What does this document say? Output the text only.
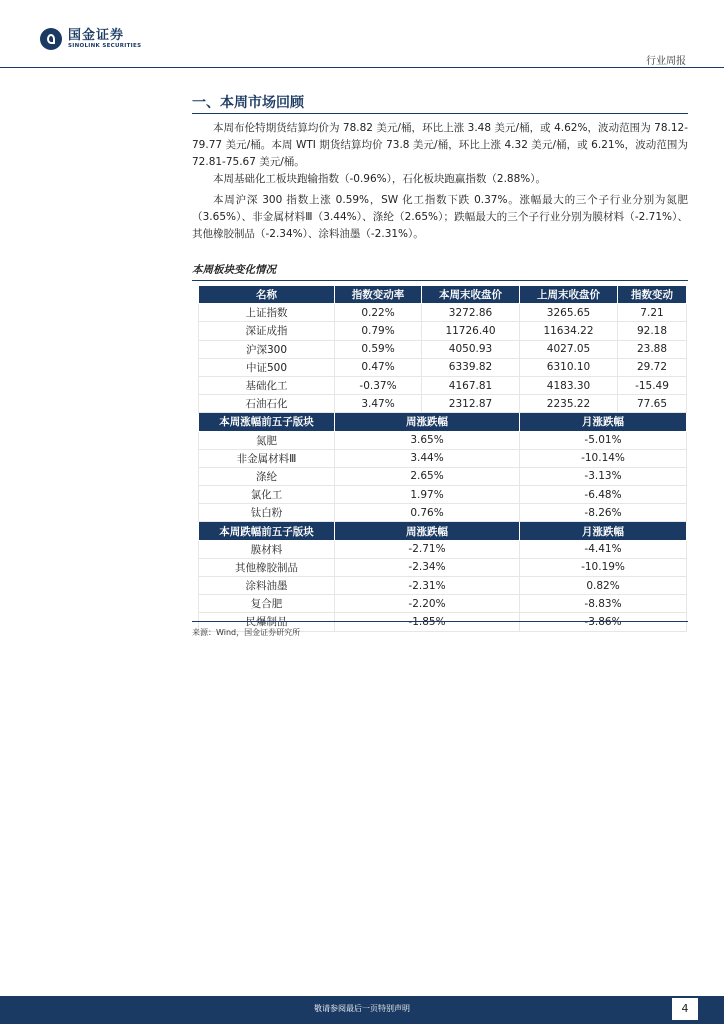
国金证券
SINOLINK SECURITIES
行业周报
一、本周市场回顾
本周布伦特期货结算均价为 78.82 美元/桶，环比上涨 3.48 美元/桶，或 4.62%，波动范围为 78.12-79.77 美元/桶。本周 WTI 期货结算均价 73.8 美元/桶，环比上涨 4.32 美元/桶，或 6.21%，波动范围为 72.81-75.67 美元/桶。
本周基础化工板块跑输指数（-0.96%），石化板块跑赢指数（2.88%）。
本周沪深 300 指数上涨 0.59%，SW 化工指数下跌 0.37%。涨幅最大的三个子行业分别为氮肥（3.65%）、非金属材料Ⅲ（3.44%）、涤纶（2.65%）；跌幅最大的三个子行业分别为膜材料（-2.71%）、其他橡胶制品（-2.34%）、涂料油墨（-2.31%）。
本周板块变化情况
名称	指数变动率	本周末收盘价	上周末收盘价	指数变动
上证指数	0.22%	3272.86	3265.65	7.21
深证成指	0.79%	11726.40	11634.22	92.18
沪深300	0.59%	4050.93	4027.05	23.88
中证500	0.47%	6339.82	6310.10	29.72
基础化工	-0.37%	4167.81	4183.30	-15.49
石油石化	3.47%	2312.87	2235.22	77.65
本周涨幅前五子版块	周涨跌幅		月涨跌幅	
氮肥	3.65%		-5.01%	
非金属材料Ⅲ	3.44%		-10.14%	
涤纶	2.65%		-3.13%	
氯化工	1.97%		-6.48%	
钛白粉	0.76%		-8.26%	
本周跌幅前五子版块	周涨跌幅		月涨跌幅	
膜材料	-2.71%		-4.41%	
其他橡胶制品	-2.34%		-10.19%	
涂料油墨	-2.31%		0.82%	
复合肥	-2.20%		-8.83%	
民爆制品	-1.85%		-3.86%	
来源：Wind，国金证券研究所
敬请参阅最后一页特别声明	4
